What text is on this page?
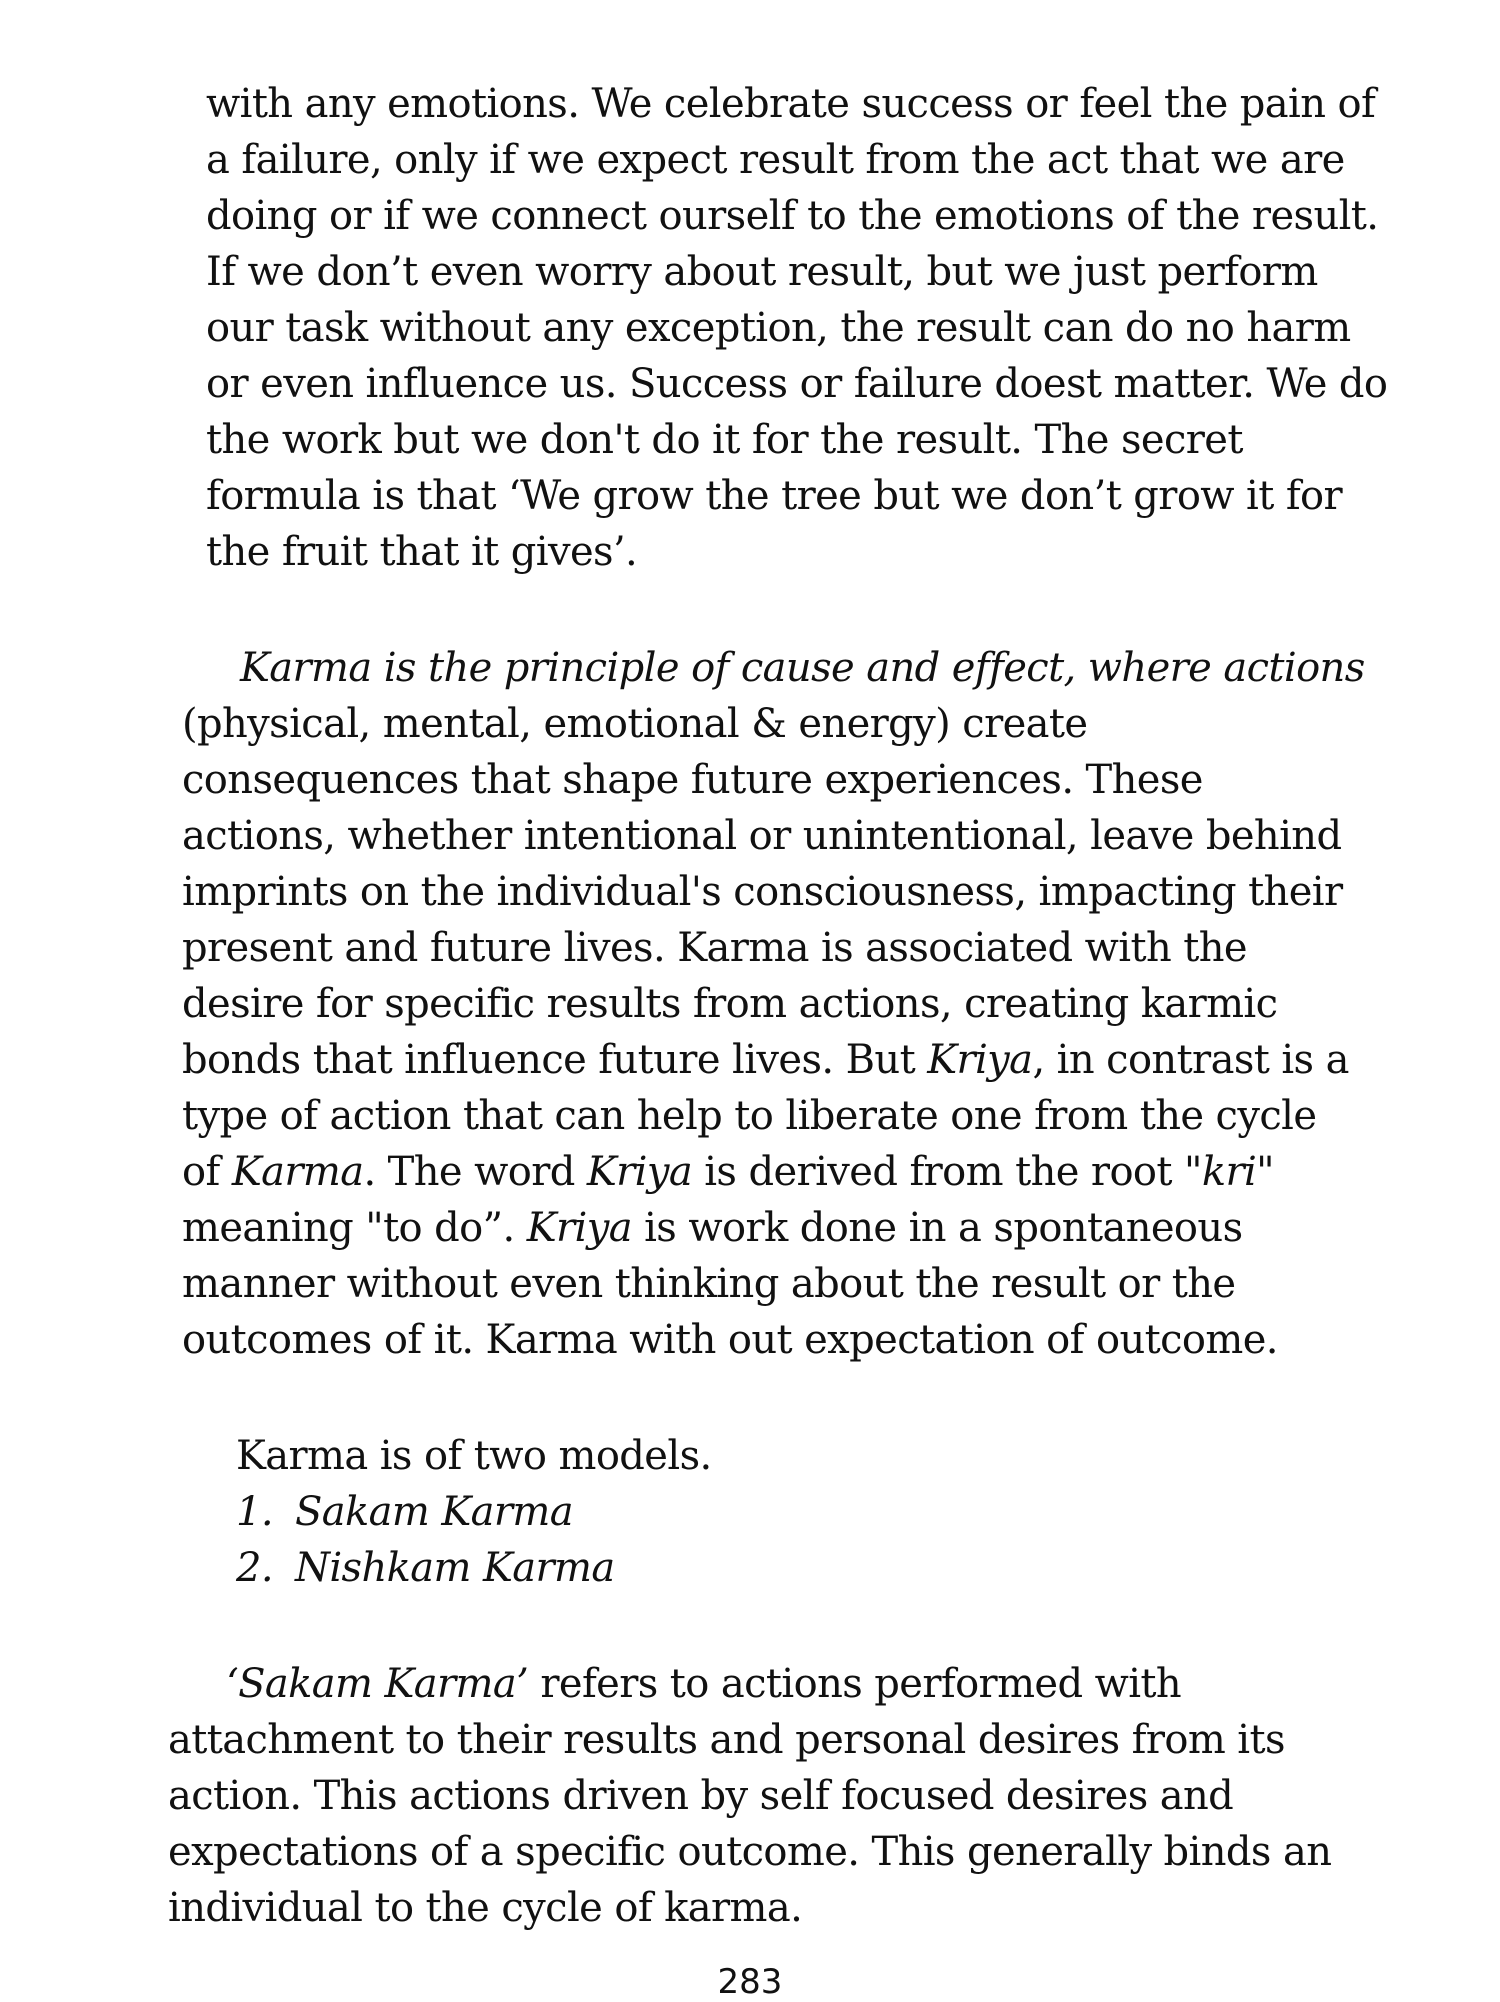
with any emotions. We celebrate success or feel the pain of
a failure, only if we expect result from the act that we are
doing or if we connect ourself to the emotions of the result.
If we don’t even worry about result, but we just perform
our task without any exception, the result can do no harm
or even influence us. Success or failure doest matter. We do
the work but we don't do it for the result. The secret
formula is that ‘We grow the tree but we don’t grow it for
the fruit that it gives’.
Karma is the principle of cause and effect, where actions
(physical, mental, emotional & energy) create
consequences that shape future experiences. These
actions, whether intentional or unintentional, leave behind
imprints on the individual's consciousness, impacting their
present and future lives. Karma is associated with the
desire for specific results from actions, creating karmic
bonds that influence future lives. But Kriya, in contrast is a
type of action that can help to liberate one from the cycle
of Karma. The word Kriya is derived from the root "kri"
meaning "to do”. Kriya is work done in a spontaneous
manner without even thinking about the result or the
outcomes of it. Karma with out expectation of outcome.
Karma is of two models.
1. Sakam Karma
2. Nishkam Karma
‘Sakam Karma’ refers to actions performed with
attachment to their results and personal desires from its
action. This actions driven by self focused desires and
expectations of a specific outcome. This generally binds an
individual to the cycle of karma.
283
